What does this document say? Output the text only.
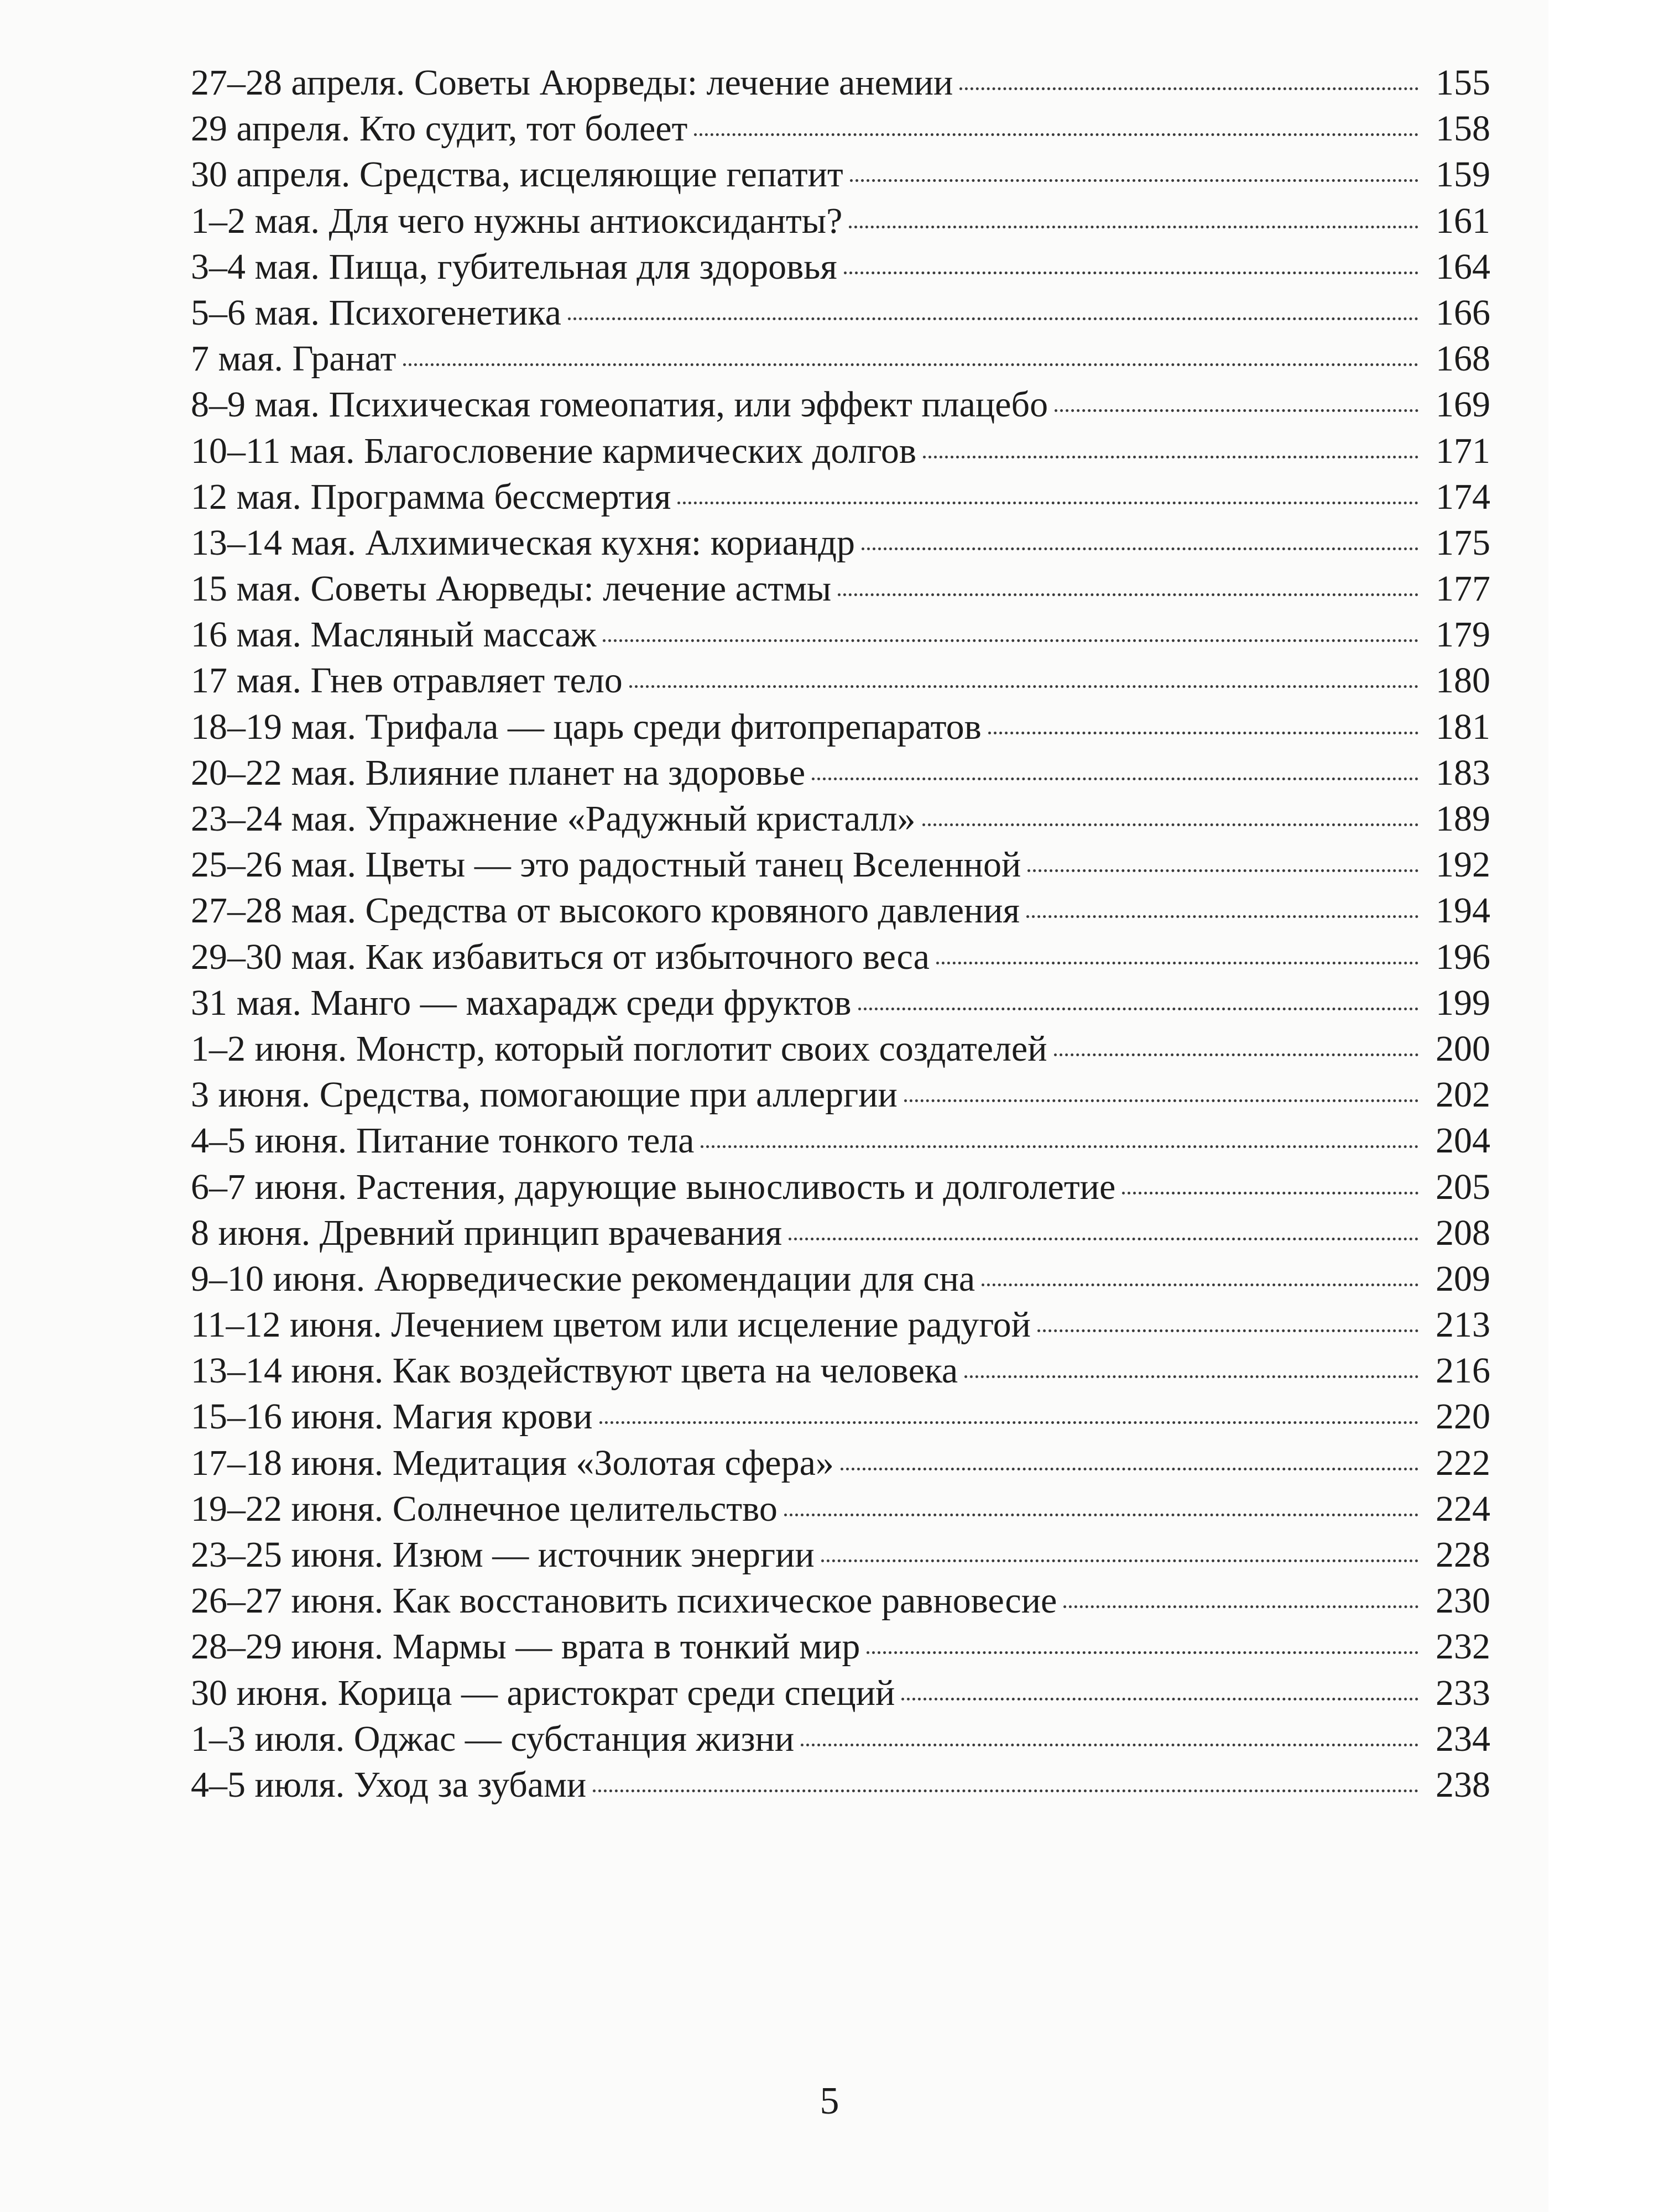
27–28 апреля. Советы Аюрведы: лечение анемии	155
29 апреля. Кто судит, тот болеет	158
30 апреля. Средства, исцеляющие гепатит	159
1–2 мая. Для чего нужны антиоксиданты?	161
3–4 мая. Пища, губительная для здоровья	164
5–6 мая. Психогенетика	166
7 мая. Гранат	168
8–9 мая. Психическая гомеопатия, или эффект плацебо	169
10–11 мая. Благословение кармических долгов	171
12 мая. Программа бессмертия	174
13–14 мая. Алхимическая кухня: кориандр	175
15 мая. Советы Аюрведы: лечение астмы	177
16 мая. Масляный массаж	179
17 мая. Гнев отравляет тело	180
18–19 мая. Трифала — царь среди фитопрепаратов	181
20–22 мая. Влияние планет на здоровье	183
23–24 мая. Упражнение «Радужный кристалл»	189
25–26 мая. Цветы — это радостный танец Вселенной	192
27–28 мая. Средства от высокого кровяного давления	194
29–30 мая. Как избавиться от избыточного веса	196
31 мая. Манго — махарадж среди фруктов	199
1–2 июня. Монстр, который поглотит своих создателей	200
3 июня. Средства, помогающие при аллергии	202
4–5 июня. Питание тонкого тела	204
6–7 июня. Растения, дарующие выносливость и долголетие	205
8 июня. Древний принцип врачевания	208
9–10 июня. Аюрведические рекомендации для сна	209
11–12 июня. Лечением цветом или исцеление радугой	213
13–14 июня. Как воздействуют цвета на человека	216
15–16 июня. Магия крови	220
17–18 июня. Медитация «Золотая сфера»	222
19–22 июня. Солнечное целительство	224
23–25 июня. Изюм — источник энергии	228
26–27 июня. Как восстановить психическое равновесие	230
28–29 июня. Мармы — врата в тонкий мир	232
30 июня. Корица — аристократ среди специй	233
1–3 июля. Оджас — субстанция жизни	234
4–5 июля. Уход за зубами	238
5
